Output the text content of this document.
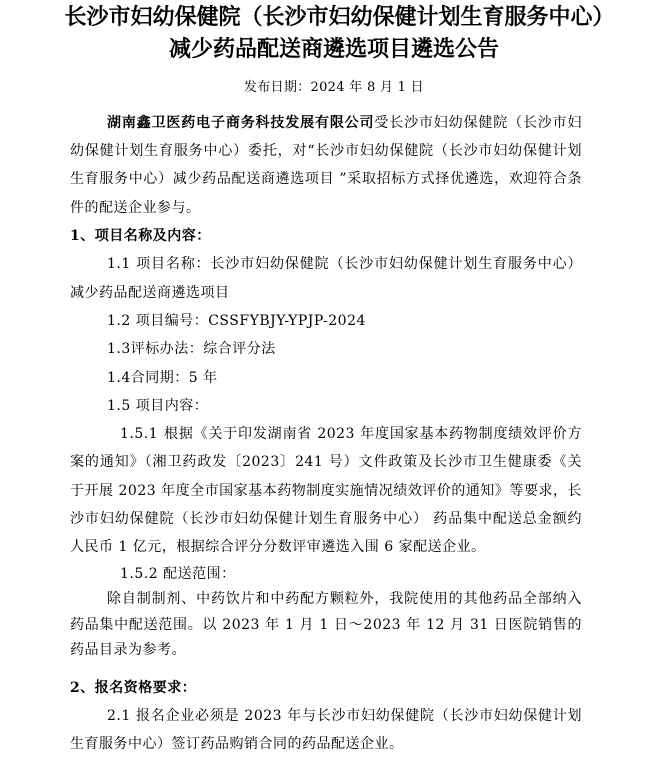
长沙市妇幼保健院（长沙市妇幼保健计划生育服务中心）减少药品配送商遴选项目遴选公告
发布日期：2024 年 8 月 1 日

湖南鑫卫医药电子商务科技发展有限公司受长沙市妇幼保健院（长沙市妇幼保健计划生育服务中心）委托，对“长沙市妇幼保健院（长沙市妇幼保健计划生育服务中心）减少药品配送商遴选项目 ”采取招标方式择优遴选，欢迎符合条件的配送企业参与。

1、项目名称及内容：

1.1 项目名称：长沙市妇幼保健院（长沙市妇幼保健计划生育服务中心）减少药品配送商遴选项目

1.2 项目编号：CSSFYBJY-YPJP-2024

1.3评标办法：综合评分法

1.4合同期：5 年

1.5 项目内容：

1.5.1 根据《关于印发湖南省 2023 年度国家基本药物制度绩效评价方案的通知》（湘卫药政发〔2023〕241 号）文件政策及长沙市卫生健康委《关于开展 2023 年度全市国家基本药物制度实施情况绩效评价的通知》等要求，长沙市妇幼保健院（长沙市妇幼保健计划生育服务中心） 药品集中配送总金额约人民币 1 亿元，根据综合评分分数评审遴选入围 6 家配送企业。

1.5.2 配送范围：

除自制制剂、中药饮片和中药配方颗粒外，我院使用的其他药品全部纳入药品集中配送范围。以 2023 年 1 月 1 日～2023 年 12 月 31 日医院销售的药品目录为参考。

2、报名资格要求：

2.1 报名企业必须是 2023 年与长沙市妇幼保健院（长沙市妇幼保健计划生育服务中心）签订药品购销合同的药品配送企业。
